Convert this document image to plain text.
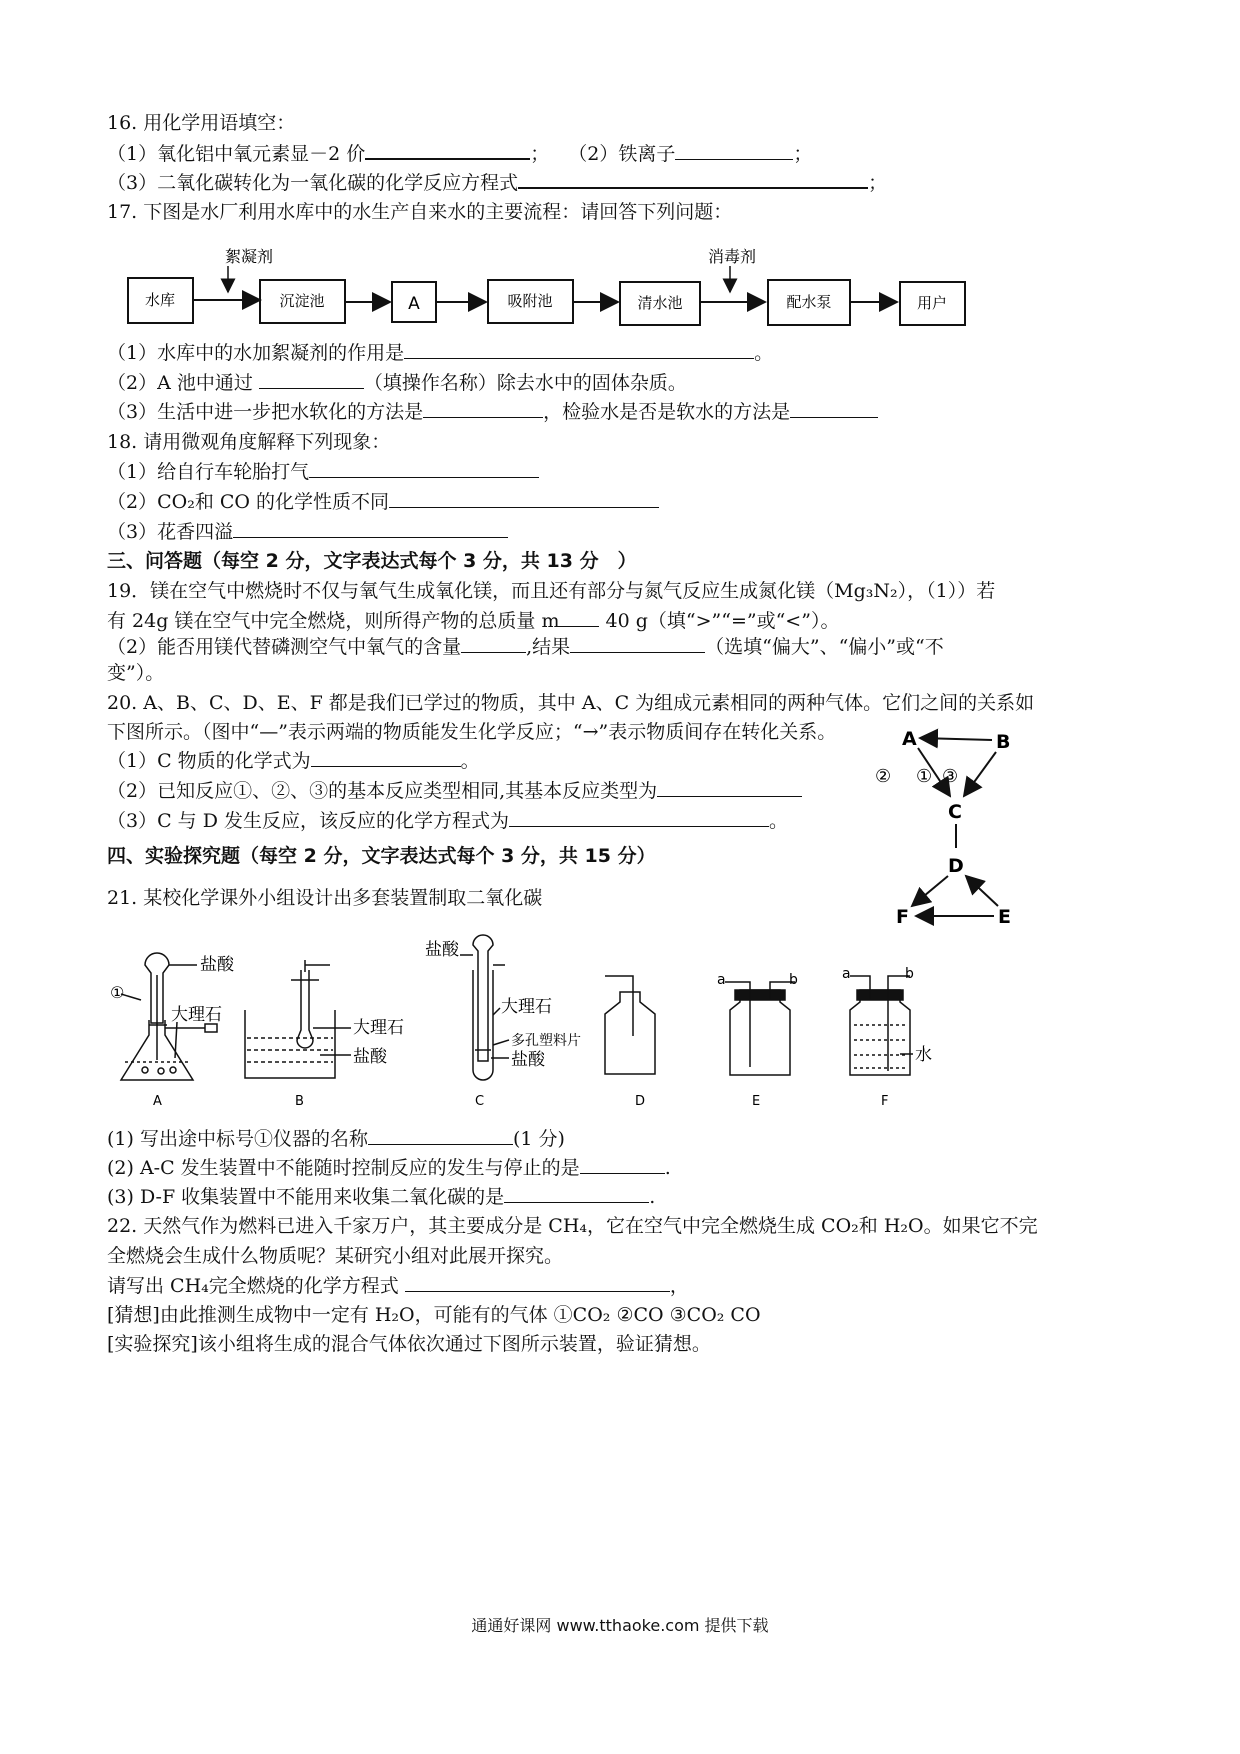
16. 用化学用语填空：
（1）氧化铝中氧元素显－2 价	；　　 （2）铁离子	；
（3）二氧化碳转化为一氧化碳的化学反应方程式	；
17. 下图是水厂利用水库中的水生产自来水的主要流程：请回答下列问题：
絮凝剂	消毒剂
水库	沉淀池	A	吸附池	清水池	配水泵	用户
（1）水库中的水加絮凝剂的作用是	。
（2）A 池中通过	（填操作名称）除去水中的固体杂质。
（3）生活中进一步把水软化的方法是	，检验水是否是软水的方法是
18. 请用微观角度解释下列现象：
（1）给自行车轮胎打气
（2）CO₂和 CO 的化学性质不同
（3）花香四溢
三、问答题（每空 2 分，文字表达式每个 3 分，共 13 分　）
19．镁在空气中燃烧时不仅与氧气生成氧化镁，而且还有部分与氮气反应生成氮化镁（Mg₃N₂），（1））若
有 24g 镁在空气中完全燃烧，则所得产物的总质量 m 40 g（填“>”“=”或“<”）。
（2）能否用镁代替磷测空气中氧气的含量	,结果	（选填“偏大”、“偏小”或“不
变”）。
20. A、B、C、D、E、F 都是我们已学过的物质，其中 A、C 为组成元素相同的两种气体。它们之间的关系如
下图所示。（图中“—”表示两端的物质能发生化学反应；“→”表示物质间存在转化关系。
（1）C 物质的化学式为	。
（2）已知反应①、②、③的基本反应类型相同,其基本反应类型为
（3）C 与 D 发生反应，该反应的化学方程式为	。
A	B
C
D
F	E
② ① ③
四、实验探究题（每空 2 分，文字表达式每个 3 分，共 15 分）
21. 某校化学课外小组设计出多套装置制取二氧化碳
盐酸
①
大理石
A
大理石
盐酸
B
盐酸
大理石
多孔塑料片
盐酸
C	D
a	b
E
a	b
水
F
(1) 写出途中标号①仪器的名称	(1 分)
(2) A-C 发生装置中不能随时控制反应的发生与停止的是	.
(3) D-F 收集装置中不能用来收集二氧化碳的是	.
22. 天然气作为燃料已进入千家万户，其主要成分是 CH₄，它在空气中完全燃烧生成 CO₂和 H₂O。如果它不完
全燃烧会生成什么物质呢？某研究小组对此展开探究。
请写出 CH₄完全燃烧的化学方程式	，
[猜想]由此推测生成物中一定有 H₂O，可能有的气体 ①CO₂ ②CO ③CO₂ CO
[实验探究]该小组将生成的混合气体依次通过下图所示装置，验证猜想。
通通好课网 www.tthaoke.com 提供下载
